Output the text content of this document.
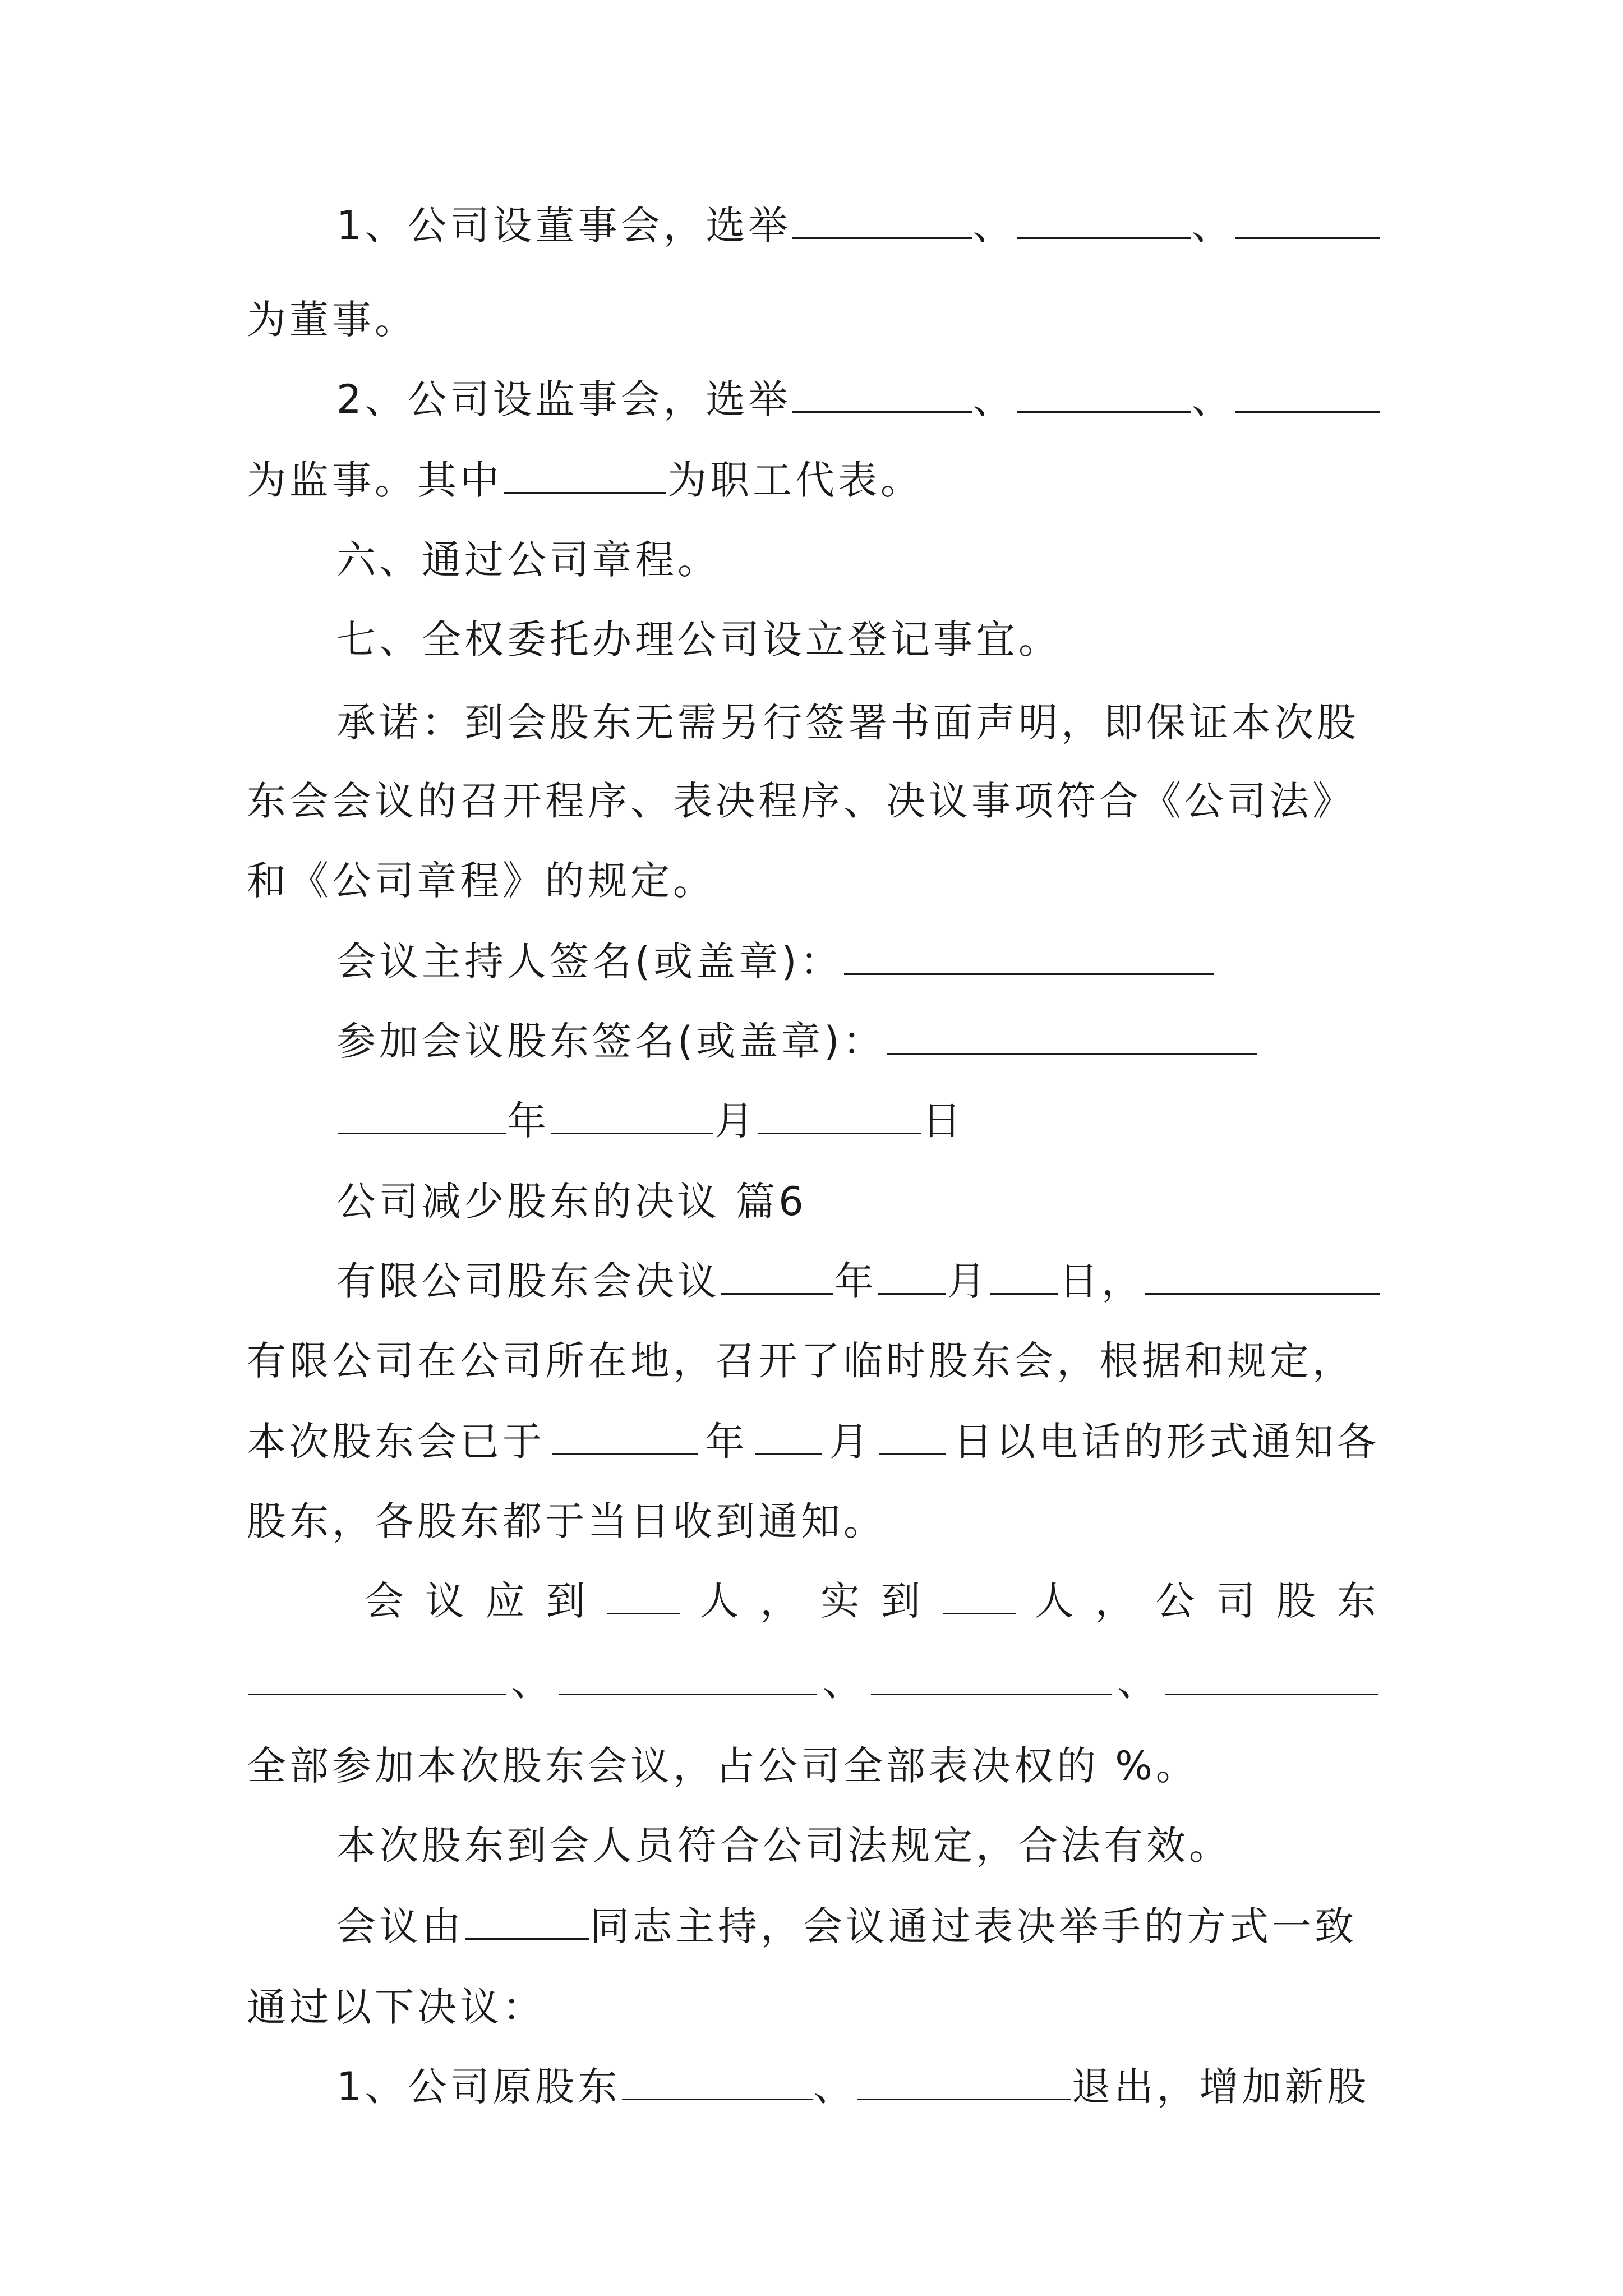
1、公司设董事会，选举	、	、
为董事。
2、公司设监事会，选举	、	、
为监事。其中	为职工代表。
六、通过公司章程。
七、全权委托办理公司设立登记事宜。
承诺：到会股东无需另行签署书面声明，即保证本次股
东会会议的召开程序、表决程序、决议事项符合《公司法》
和《公司章程》的规定。
会议主持人签名(或盖章)：
参加会议股东签名(或盖章)：
年	月	日
公司减少股东的决议 篇6
有限公司股东会决议	年 月 日，
有限公司在公司所在地，召开了临时股东会，根据和规定，
本次股东会已于	年 月 日以电话的形式通知各
股东，各股东都于当日收到通知。
会 议 应 到	人 ， 实 到	人 ， 公 司 股 东
、	、	、
全部参加本次股东会议，占公司全部表决权的 %。
本次股东到会人员符合公司法规定，合法有效。
会议由	同志主持，会议通过表决举手的方式一致
通过以下决议：
1、公司原股东	、	退出，增加新股
